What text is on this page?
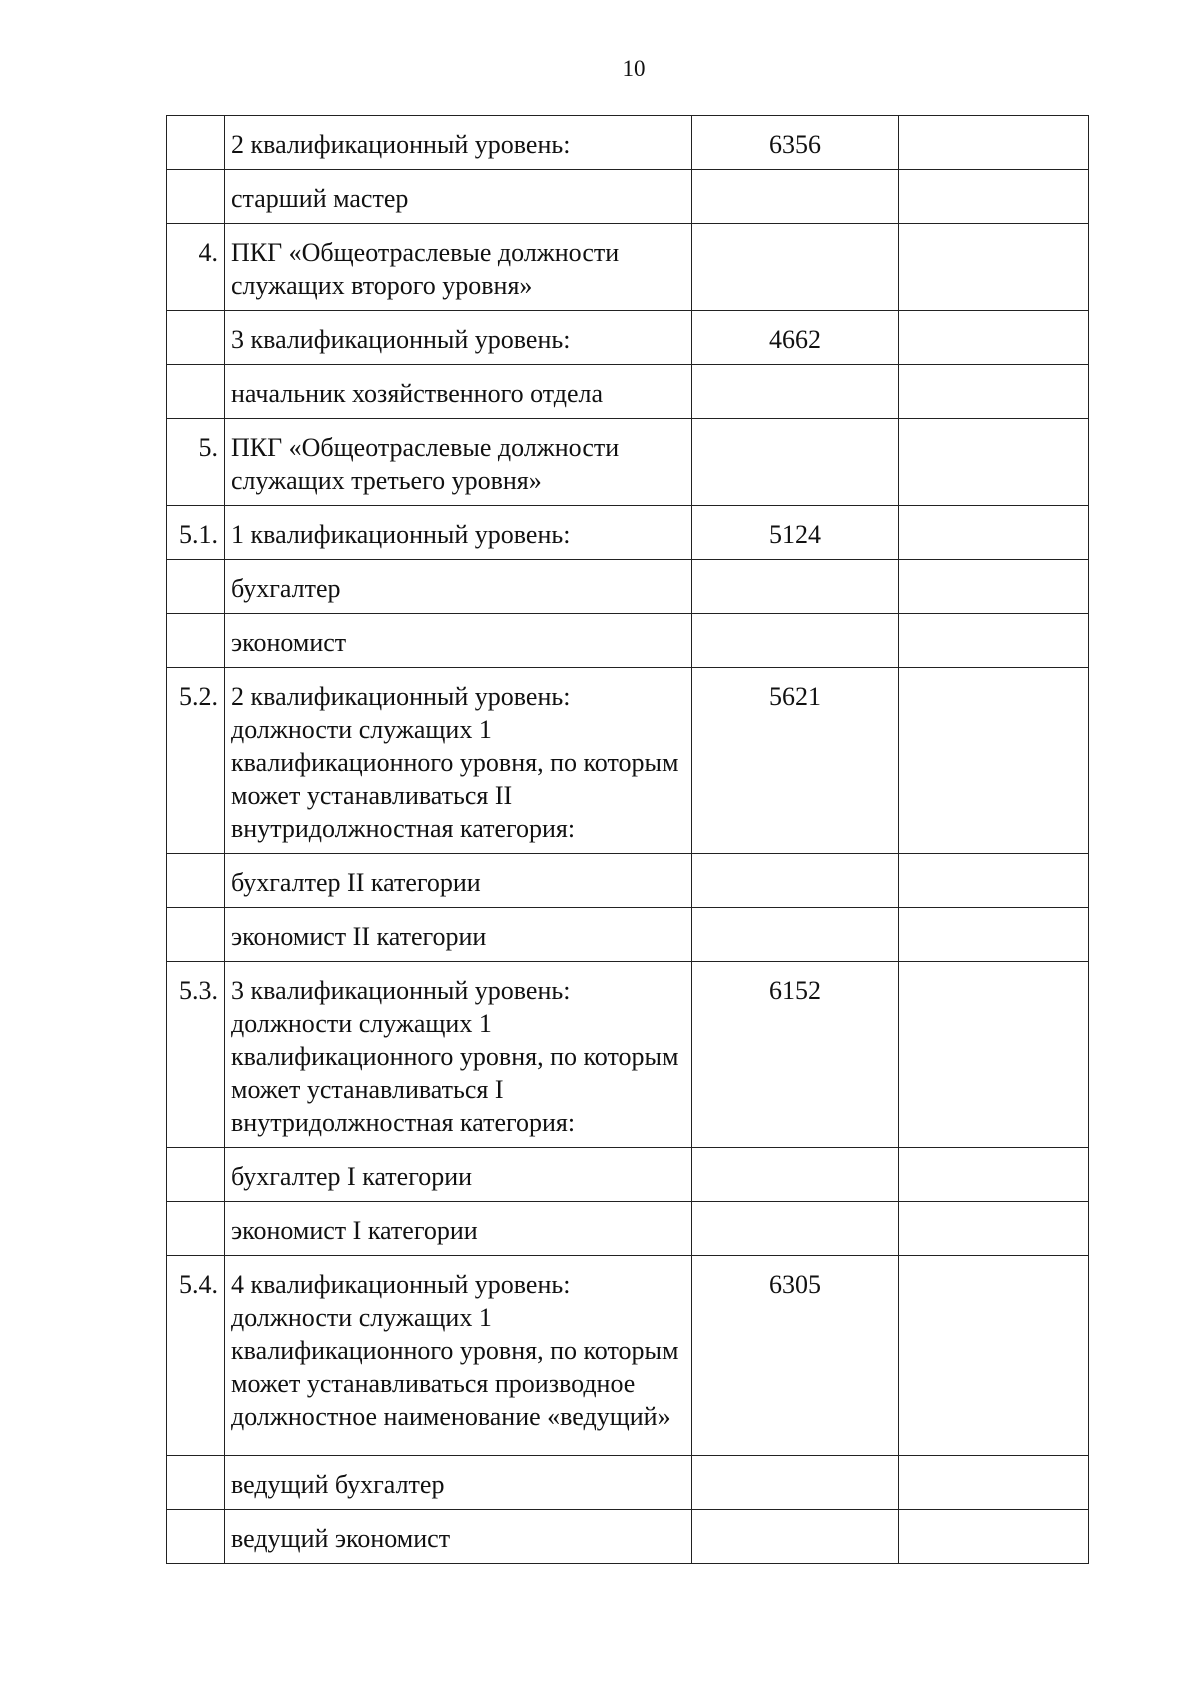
10
	2 квалификационный уровень:	6356	
	старший мастер		
4.	ПКГ «Общеотраслевые должности служащих второго уровня»		
	3 квалификационный уровень:	4662	
	начальник хозяйственного отдела		
5.	ПКГ «Общеотраслевые должности служащих третьего уровня»		
5.1.	1 квалификационный уровень:	5124	
	бухгалтер		
	экономист		
5.2.	2 квалификационный уровень: должности служащих 1 квалификационного уровня, по которым может устанавливаться II внутридолжностная категория:	5621	
	бухгалтер II категории		
	экономист II категории		
5.3.	3 квалификационный уровень: должности служащих 1 квалификационного уровня, по которым может устанавливаться I внутридолжностная категория:	6152	
	бухгалтер I категории		
	экономист I категории		
5.4.	4 квалификационный уровень: должности служащих 1 квалификационного уровня, по которым может устанавливаться производное должностное наименование «ведущий»	6305	
	ведущий бухгалтер		
	ведущий экономист		
